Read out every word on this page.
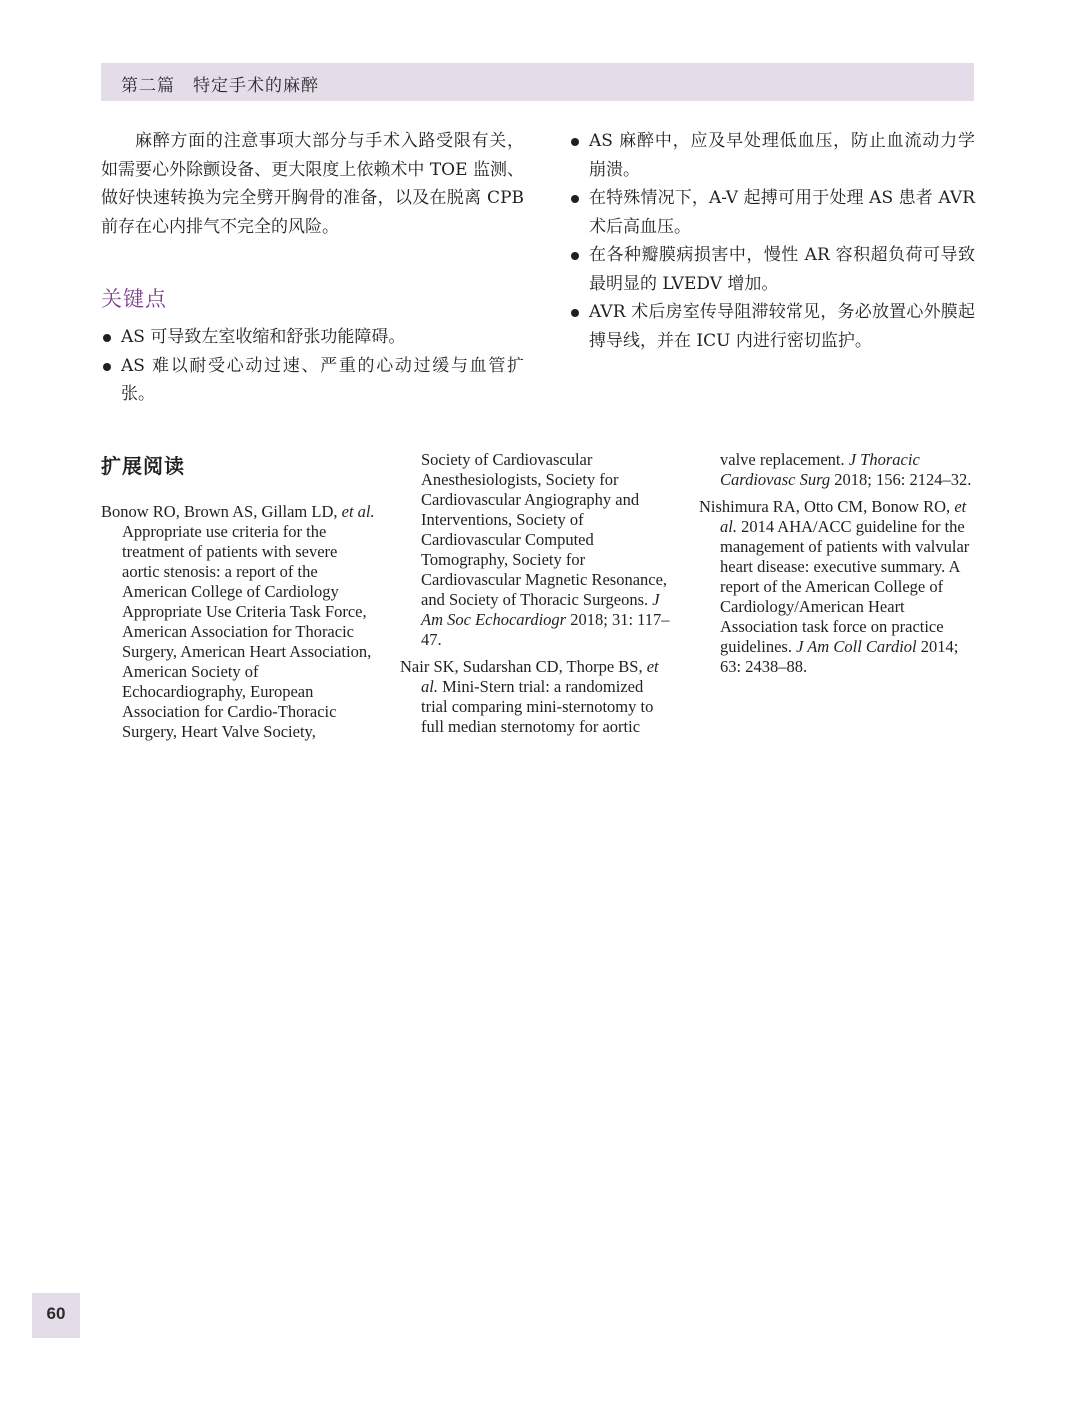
第二篇　特定手术的麻醉

麻醉方面的注意事项大部分与手术入路受限有关，如需要心外除颤设备、更大限度上依赖术中 TOE 监测、做好快速转换为完全劈开胸骨的准备，以及在脱离 CPB 前存在心内排气不完全的风险。

关键点
AS 可导致左室收缩和舒张功能障碍。
AS 难以耐受心动过速、严重的心动过缓与血管扩张。
AS 麻醉中，应及早处理低血压，防止血流动力学崩溃。
在特殊情况下，A-V 起搏可用于处理 AS 患者 AVR 术后高血压。
在各种瓣膜病损害中，慢性 AR 容积超负荷可导致最明显的 LVEDV 增加。
AVR 术后房室传导阻滞较常见，务必放置心外膜起搏导线，并在 ICU 内进行密切监护。
扩展阅读

Bonow RO, Brown AS, Gillam LD, et al. Appropriate use criteria for the treatment of patients with severe aortic stenosis: a report of the American College of Cardiology Appropriate Use Criteria Task Force, American Association for Thoracic Surgery, American Heart Association, American Society of Echocardiography, European Association for Cardio-Thoracic Surgery, Heart Valve Society,

Society of Cardiovascular Anesthesiologists, Society for Cardiovascular Angiography and Interventions, Society of Cardiovascular Computed Tomography, Society for Cardiovascular Magnetic Resonance, and Society of Thoracic Surgeons. J Am Soc Echocardiogr 2018; 31: 117–47.

Nair SK, Sudarshan CD, Thorpe BS, et al. Mini-Stern trial: a randomized trial comparing mini-sternotomy to full median sternotomy for aortic

valve replacement. J Thoracic Cardiovasc Surg 2018; 156: 2124–32.

Nishimura RA, Otto CM, Bonow RO, et al. 2014 AHA/ACC guideline for the management of patients with valvular heart disease: executive summary. A report of the American College of Cardiology/American Heart Association task force on practice guidelines. J Am Coll Cardiol 2014; 63: 2438–88.

60
